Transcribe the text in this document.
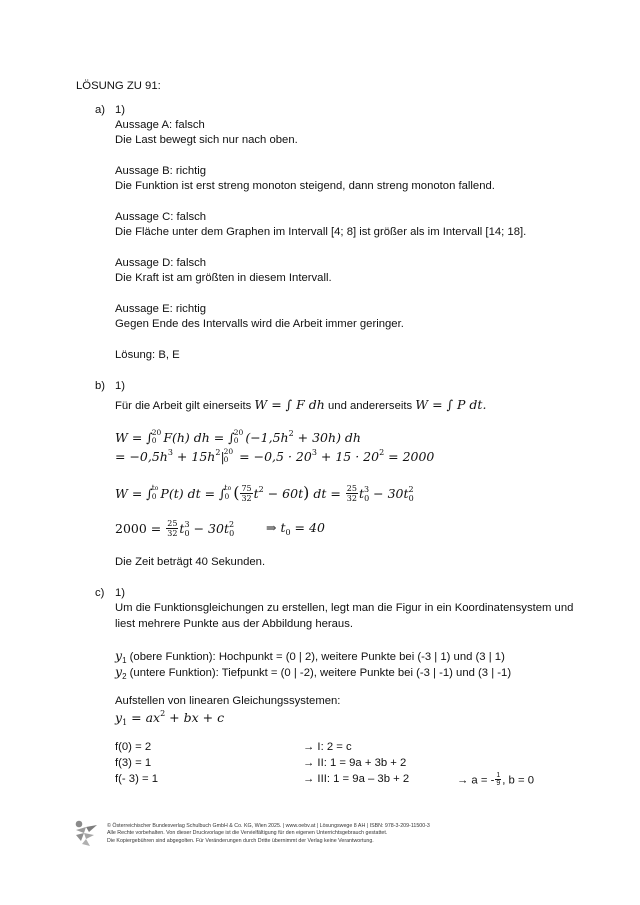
LÖSUNG ZU 91:
a) 1)
Aussage A: falsch
Die Last bewegt sich nur nach oben.
Aussage B: richtig
Die Funktion ist erst streng monoton steigend, dann streng monoton fallend.
Aussage C: falsch
Die Fläche unter dem Graphen im Intervall [4; 8] ist größer als im Intervall [14; 18].
Aussage D: falsch
Die Kraft ist am größten in diesem Intervall.
Aussage E: richtig
Gegen Ende des Intervalls wird die Arbeit immer geringer.
Lösung: B, E
b) 1)
Für die Arbeit gilt einerseits W = ∫ F dh und andererseits W = ∫ P dt.
W = ∫ 20
0 F(h) dh = ∫ 20
0 $(-1,5h^2 + 30h)$ dh
= $-0,5h^3 + 15h^2|$ 20
$0 = -0,5 \cdot 20^3 + 15 \cdot 20^2 = 2000$
W = ∫ to
0 P(t) dt = ∫ to
0 ( $\frac{75}{32} t^2 - 60t$) dt = $\frac{25}{32} t^3_0 - 30t^2_0$
$2000 = \frac{25}{32} t^3_0 - 30t^2_0$	⇒ $t_0 = 40$
Die Zeit beträgt 40 Sekunden.
c) 1)
Um die Funktionsgleichungen zu erstellen, legt man die Figur in ein Koordinatensystem und
liest mehrere Punkte aus der Abbildung heraus.
$y_1$ (obere Funktion): Hochpunkt = (0 | 2), weitere Punkte bei (-3 | 1) und (3 | 1)
$y_2$ (untere Funktion): Tiefpunkt = (0 | -2), weitere Punkte bei (-3 | -1) und (3 | -1)
Aufstellen von linearen Gleichungssystemen:
$y_1 = ax^2$ + bx + c
f(0) = 2	→ I: 2 = c
f(3) = 1	→ II: 1 = 9a + 3b + 2
f(- 3) = 1	→ III: 1 = 9a – 3b + 2	→ a = - $\frac{1}{9}$ , b = 0
© Österreichischer Bundesverlag Schulbuch GmbH & Co. KG, Wien 2025. | www.oebv.at | Lösungswege 8 AH | ISBN: 978-3-209-11500-3
Alle Rechte vorbehalten. Von dieser Druckvorlage ist die Vervielfältigung für den eigenen Unterrichtsgebrauch gestattet.
Die Kopiergebühren sind abgegolten. Für Veränderungen durch Dritte übernimmt der Verlag keine Verantwortung.
